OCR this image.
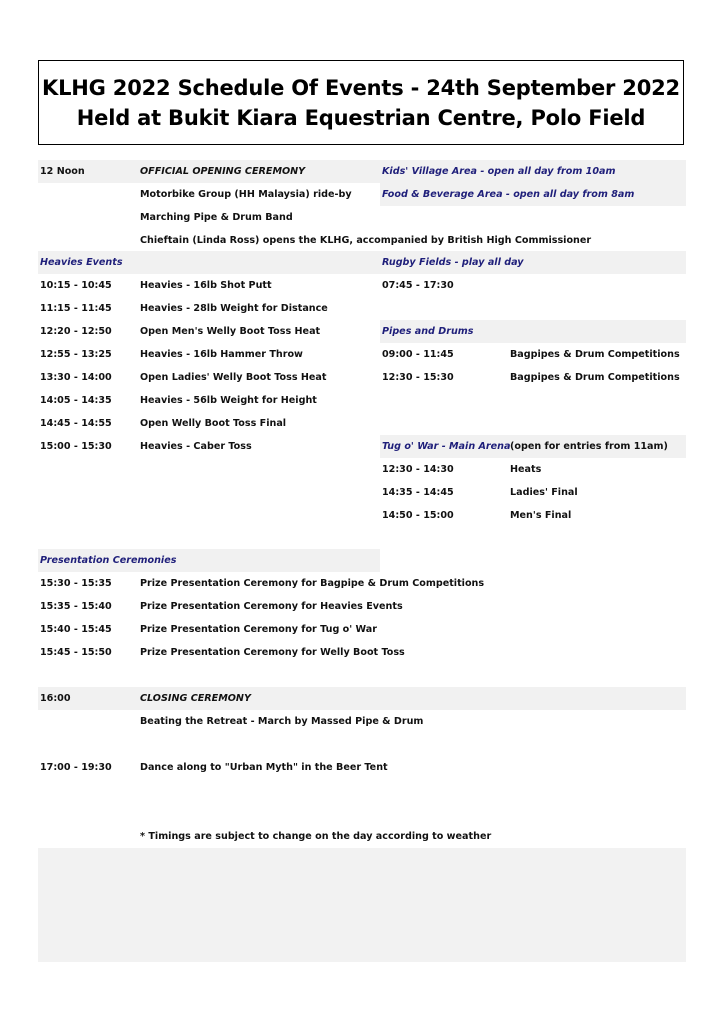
KLHG 2022 Schedule Of Events - 24th September 2022
Held at Bukit Kiara Equestrian Centre, Polo Field
12 Noon	OFFICIAL OPENING CEREMONY	Kids' Village Area - open all day from 10am
Motorbike Group (HH Malaysia) ride-by	Food & Beverage Area - open all day from 8am
Marching Pipe & Drum Band
Chieftain (Linda Ross) opens the KLHG, accompanied by British High Commissioner
Heavies Events	Rugby Fields - play all day
10:15 - 10:45	Heavies - 16lb Shot Putt	07:45 - 17:30
11:15 - 11:45	Heavies - 28lb Weight for Distance
12:20 - 12:50	Open Men's Welly Boot Toss Heat	Pipes and Drums
12:55 - 13:25	Heavies - 16lb Hammer Throw	09:00 - 11:45	Bagpipes & Drum Competitions
13:30 - 14:00	Open Ladies' Welly Boot Toss Heat	12:30 - 15:30	Bagpipes & Drum Competitions
14:05 - 14:35	Heavies - 56lb Weight for Height
14:45 - 14:55	Open Welly Boot Toss Final
15:00 - 15:30	Heavies - Caber Toss	Tug o' War - Main Arena (open for entries from 11am)
12:30 - 14:30	Heats
14:35 - 14:45	Ladies' Final
14:50 - 15:00	Men's Final
Presentation Ceremonies
15:30 - 15:35	Prize Presentation Ceremony for Bagpipe & Drum Competitions
15:35 - 15:40	Prize Presentation Ceremony for Heavies Events
15:40 - 15:45	Prize Presentation Ceremony for Tug o' War
15:45 - 15:50	Prize Presentation Ceremony for Welly Boot Toss
16:00	CLOSING CEREMONY
Beating the Retreat - March by Massed Pipe & Drum
17:00 - 19:30	Dance along to "Urban Myth" in the Beer Tent
* Timings are subject to change on the day according to weather
